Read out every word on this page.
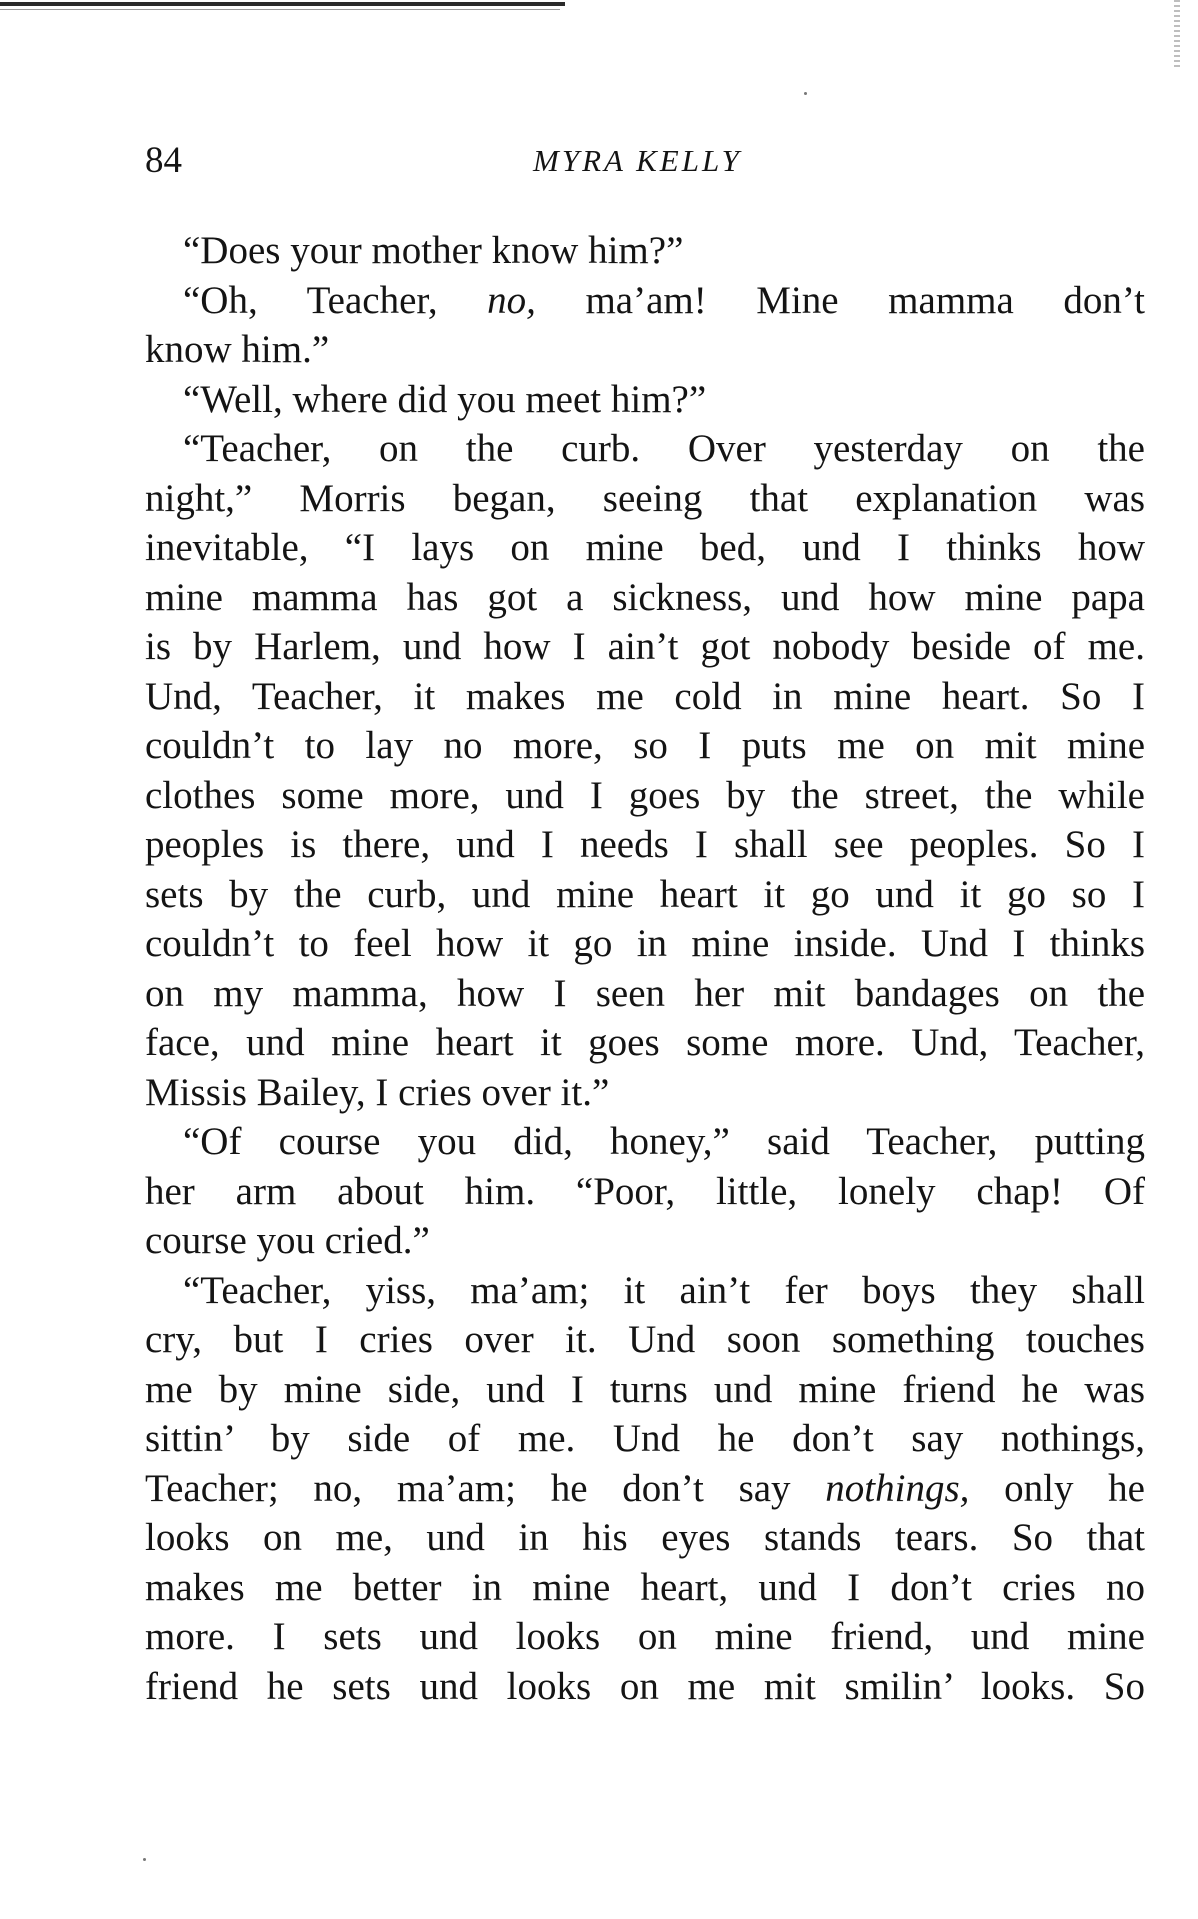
84	MYRA KELLY
“Does your mother know him?”
“Oh, Teacher, no, ma’am! Mine mamma don’t
know him.”
“Well, where did you meet him?”
“Teacher, on the curb. Over yesterday on the
night,” Morris began, seeing that explanation was
inevitable, “I lays on mine bed, und I thinks how
mine mamma has got a sickness, und how mine papa
is by Harlem, und how I ain’t got nobody beside of me.
Und, Teacher, it makes me cold in mine heart. So I
couldn’t to lay no more, so I puts me on mit mine
clothes some more, und I goes by the street, the while
peoples is there, und I needs I shall see peoples. So I
sets by the curb, und mine heart it go und it go so I
couldn’t to feel how it go in mine inside. Und I thinks
on my mamma, how I seen her mit bandages on the
face, und mine heart it goes some more. Und, Teacher,
Missis Bailey, I cries over it.”
“Of course you did, honey,” said Teacher, putting
her arm about him. “Poor, little, lonely chap! Of
course you cried.”
“Teacher, yiss, ma’am; it ain’t fer boys they shall
cry, but I cries over it. Und soon something touches
me by mine side, und I turns und mine friend he was
sittin’ by side of me. Und he don’t say nothings,
Teacher; no, ma’am; he don’t say nothings, only he
looks on me, und in his eyes stands tears. So that
makes me better in mine heart, und I don’t cries no
more. I sets und looks on mine friend, und mine
friend he sets und looks on me mit smilin’ looks. So
